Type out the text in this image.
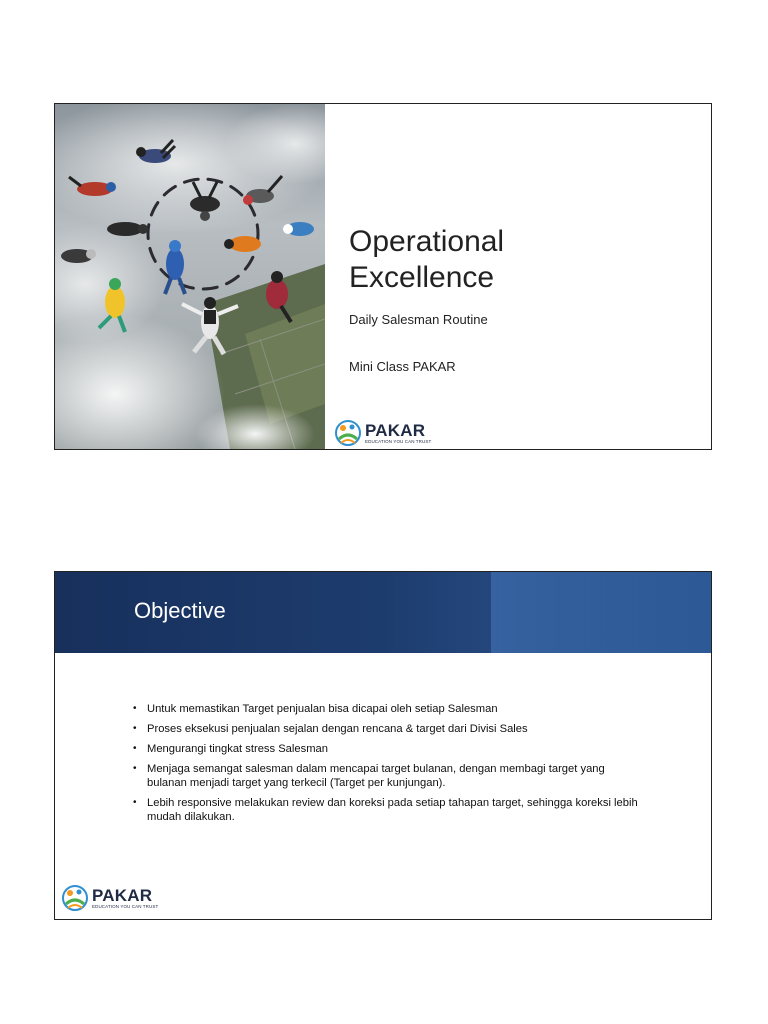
Operational
Excellence
Daily Salesman Routine
Mini Class PAKAR
PAKAR
EDUCATION YOU CAN TRUST
Objective
• Untuk memastikan Target penjualan bisa dicapai oleh setiap Salesman
• Proses eksekusi penjualan sejalan dengan rencana & target dari Divisi Sales
• Mengurangi tingkat stress Salesman
• Menjaga semangat salesman dalam mencapai target bulanan, dengan membagi target yang bulanan menjadi target yang terkecil (Target per kunjungan).
• Lebih responsive melakukan review dan koreksi pada setiap tahapan target, sehingga koreksi lebih mudah dilakukan.
PAKAR
EDUCATION YOU CAN TRUST
